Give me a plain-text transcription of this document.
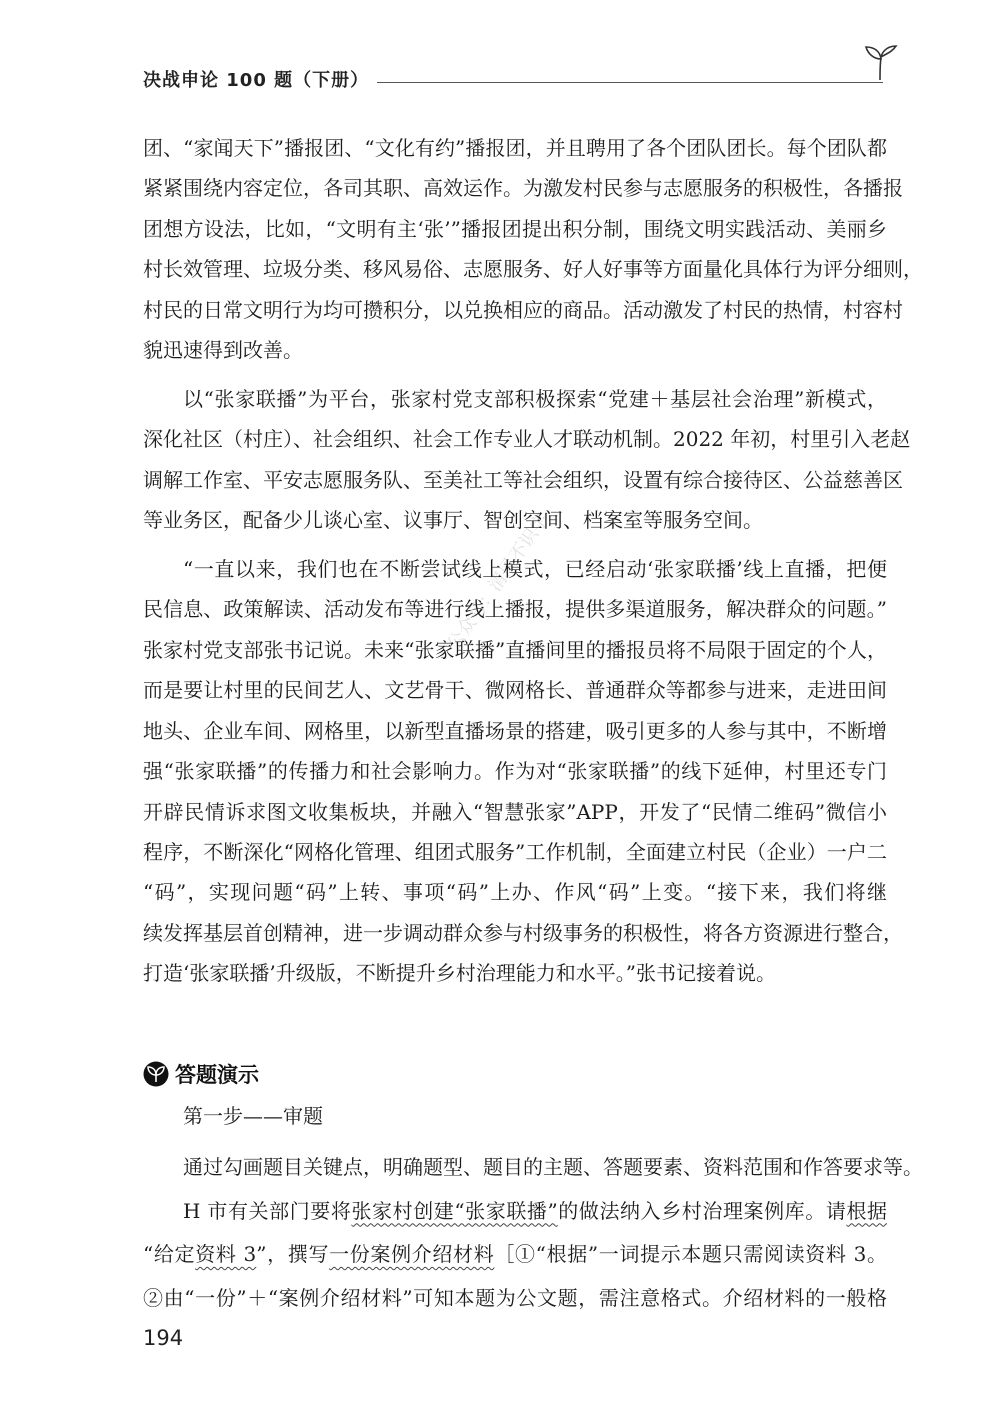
决战申论 100 题（下册）
公众号：清风不识字
团、“家闻天下”播报团、“文化有约”播报团，并且聘用了各个团队团长。每个团队都
紧紧围绕内容定位，各司其职、高效运作。为激发村民参与志愿服务的积极性，各播报
团想方设法，比如，“文明有主‘张’”播报团提出积分制，围绕文明实践活动、美丽乡
村长效管理、垃圾分类、移风易俗、志愿服务、好人好事等方面量化具体行为评分细则，
村民的日常文明行为均可攒积分，以兑换相应的商品。活动激发了村民的热情，村容村
貌迅速得到改善。
以“张家联播”为平台，张家村党支部积极探索“党建＋基层社会治理”新模式，
深化社区（村庄）、社会组织、社会工作专业人才联动机制。2022 年初，村里引入老赵
调解工作室、平安志愿服务队、至美社工等社会组织，设置有综合接待区、公益慈善区
等业务区，配备少儿谈心室、议事厅、智创空间、档案室等服务空间。
“一直以来，我们也在不断尝试线上模式，已经启动‘张家联播’线上直播，把便
民信息、政策解读、活动发布等进行线上播报，提供多渠道服务，解决群众的问题。”
张家村党支部张书记说。未来“张家联播”直播间里的播报员将不局限于固定的个人，
而是要让村里的民间艺人、文艺骨干、微网格长、普通群众等都参与进来，走进田间
地头、企业车间、网格里，以新型直播场景的搭建，吸引更多的人参与其中，不断增
强“张家联播”的传播力和社会影响力。作为对“张家联播”的线下延伸，村里还专门
开辟民情诉求图文收集板块，并融入“智慧张家”APP，开发了“民情二维码”微信小
程序，不断深化“网格化管理、组团式服务”工作机制，全面建立村民（企业）一户二
“码”，实现问题“码”上转、事项“码”上办、作风“码”上变。“接下来，我们将继
续发挥基层首创精神，进一步调动群众参与村级事务的积极性，将各方资源进行整合，
打造‘张家联播’升级版，不断提升乡村治理能力和水平。”张书记接着说。
答题演示
第一步——审题
通过勾画题目关键点，明确题型、题目的主题、答题要素、资料范围和作答要求等。
H 市有关部门要将张家村创建“张家联播”的做法纳入乡村治理案例库。请根据
“给定资料 3”，撰写一份案例介绍材料［①“根据”一词提示本题只需阅读资料 3。
②由“一份”＋“案例介绍材料”可知本题为公文题，需注意格式。介绍材料的一般格
194
